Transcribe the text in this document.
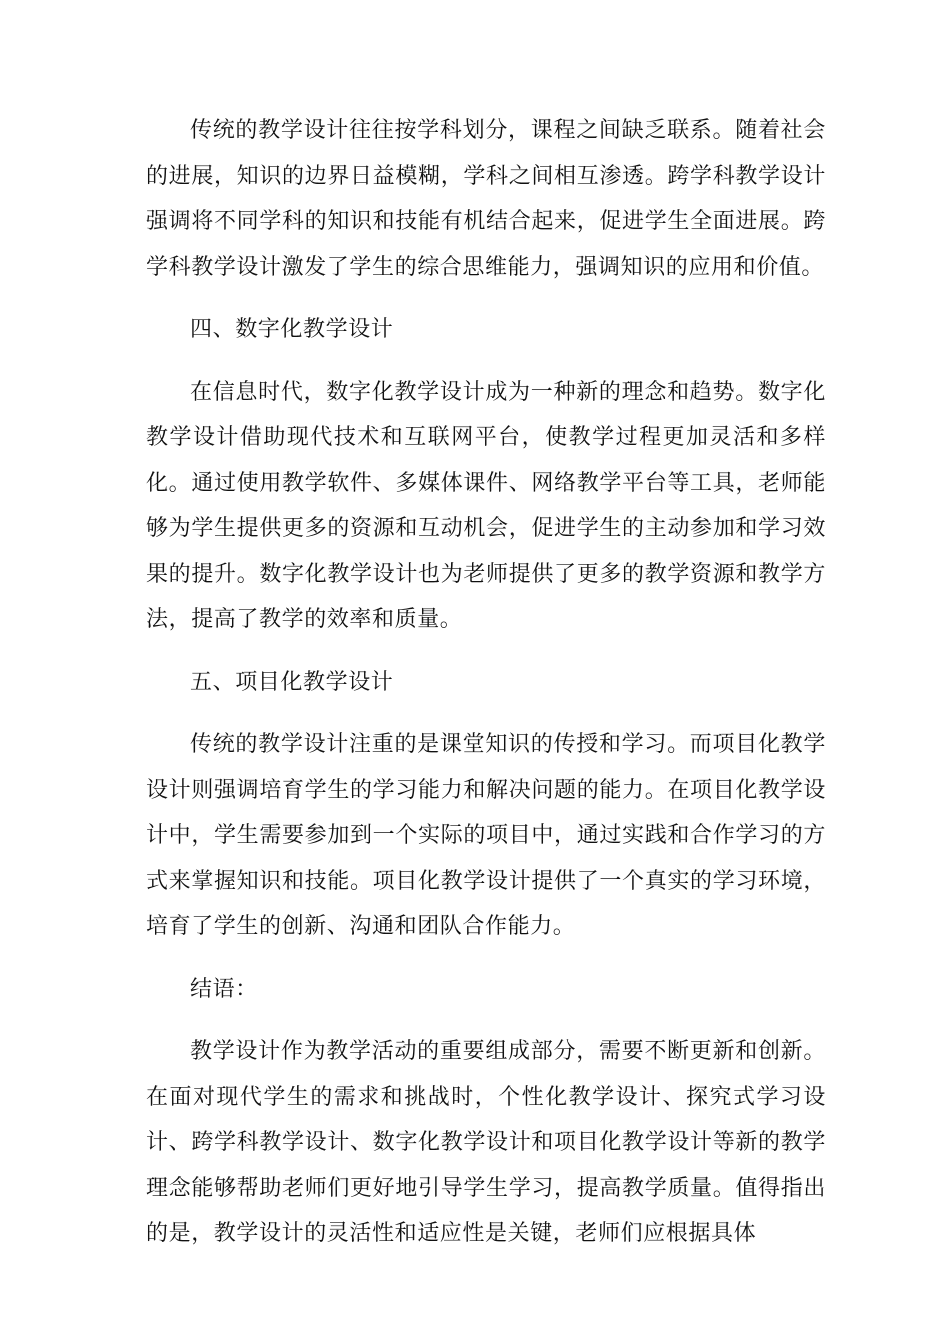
传统的教学设计往往按学科划分，课程之间缺乏联系。随着社会的进展，知识的边界日益模糊，学科之间相互渗透。跨学科教学设计强调将不同学科的知识和技能有机结合起来，促进学生全面进展。跨学科教学设计激发了学生的综合思维能力，强调知识的应用和价值。

四、数字化教学设计

在信息时代，数字化教学设计成为一种新的理念和趋势。数字化教学设计借助现代技术和互联网平台，使教学过程更加灵活和多样化。通过使用教学软件、多媒体课件、网络教学平台等工具，老师能够为学生提供更多的资源和互动机会，促进学生的主动参加和学习效果的提升。数字化教学设计也为老师提供了更多的教学资源和教学方法，提高了教学的效率和质量。

五、项目化教学设计

传统的教学设计注重的是课堂知识的传授和学习。而项目化教学设计则强调培育学生的学习能力和解决问题的能力。在项目化教学设计中，学生需要参加到一个实际的项目中，通过实践和合作学习的方式来掌握知识和技能。项目化教学设计提供了一个真实的学习环境，培育了学生的创新、沟通和团队合作能力。

结语：

教学设计作为教学活动的重要组成部分，需要不断更新和创新。在面对现代学生的需求和挑战时，个性化教学设计、探究式学习设计、跨学科教学设计、数字化教学设计和项目化教学设计等新的教学理念能够帮助老师们更好地引导学生学习，提高教学质量。值得指出的是，教学设计的灵活性和适应性是关键，老师们应根据具体
